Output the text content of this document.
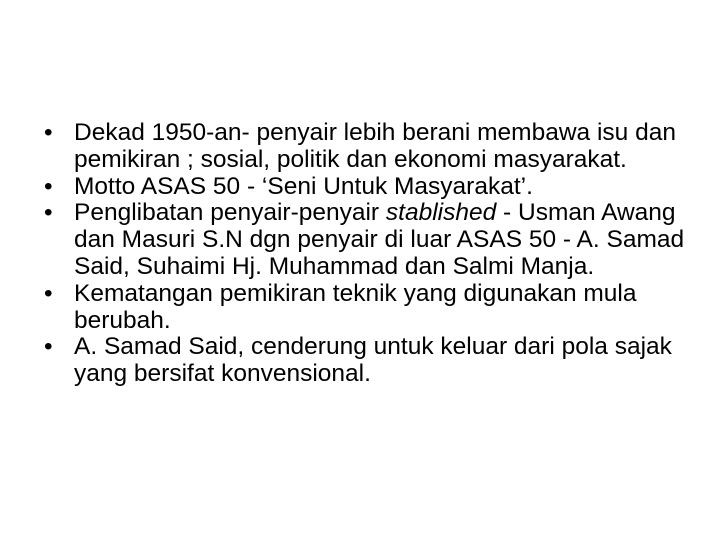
• Dekad 1950-an- penyair lebih berani membawa isu dan pemikiran ; sosial, politik dan ekonomi masyarakat.
• Motto ASAS 50 - ‘Seni Untuk Masyarakat’.
• Penglibatan penyair-penyair stablished - Usman Awang dan Masuri S.N dgn penyair di luar ASAS 50 - A. Samad Said, Suhaimi Hj. Muhammad dan Salmi Manja.
• Kematangan pemikiran teknik yang digunakan mula berubah.
• A. Samad Said, cenderung untuk keluar dari pola sajak yang bersifat konvensional.
